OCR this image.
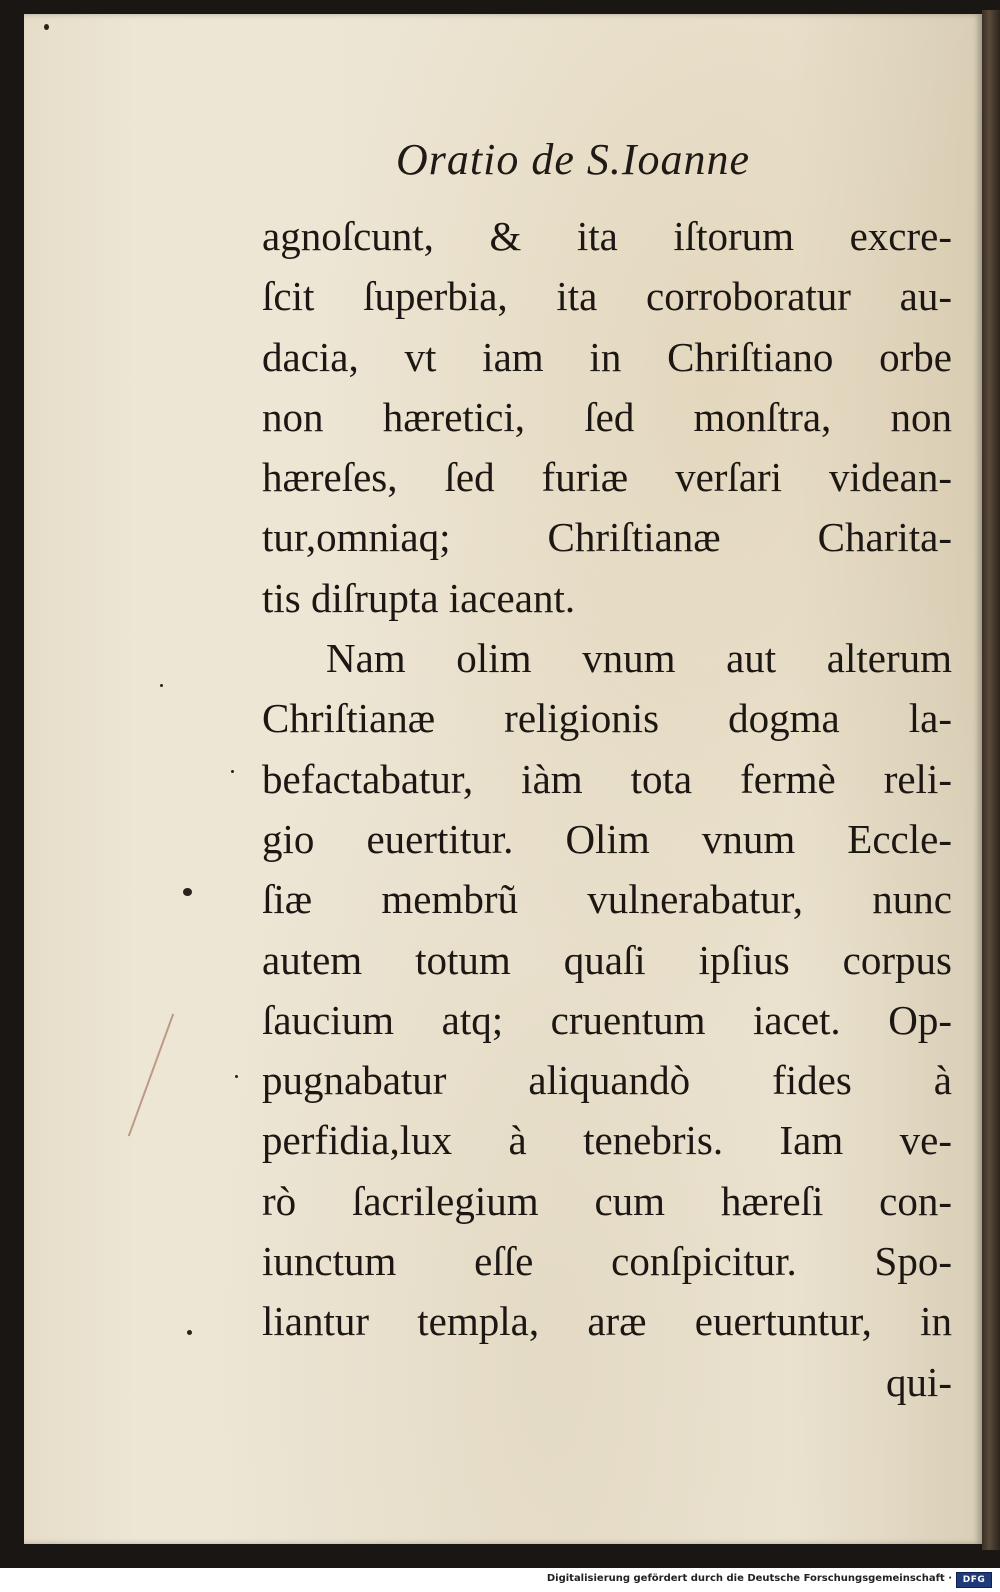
Oratio de S.Ioanne
agnoſcunt, & ita iſtorum excre-
ſcit ſuperbia, ita corroboratur au-
dacia, vt iam in Chriſtiano orbe
non hæretici, ſed monſtra, non
hæreſes, ſed furiæ verſari videan-
tur,omniaq; Chriſtianæ Charita-
tis diſrupta iaceant.
Nam olim vnum aut alterum
Chriſtianæ religionis dogma la-
befactabatur, iàm tota fermè reli-
gio euertitur. Olim vnum Eccle-
ſiæ membrũ vulnerabatur, nunc
autem totum quaſi ipſius corpus
ſaucium atq; cruentum iacet. Op-
pugnabatur aliquandò fides à
perfidia,lux à tenebris. Iam ve-
rò ſacrilegium cum hæreſi con-
iunctum eſſe conſpicitur. Spo-
liantur templa, aræ euertuntur, in
qui-
Digitalisierung gefördert durch die Deutsche Forschungsgemeinschaft ·	DFG
